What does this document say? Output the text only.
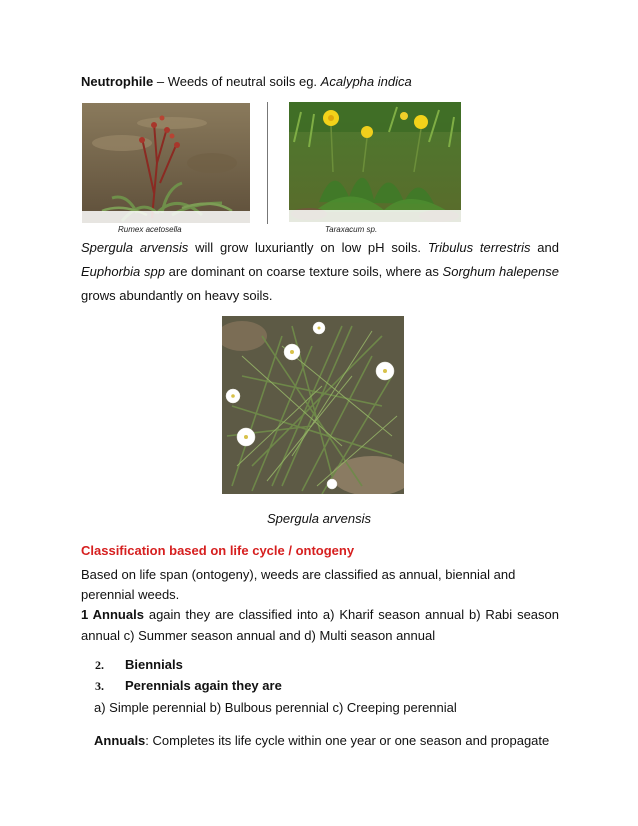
Neutrophile – Weeds of neutral soils eg. Acalypha indica
Rumex acetosella	Taraxacum sp.
Spergula arvensis will grow luxuriantly on low pH soils. Tribulus terrestris and
Euphorbia spp are dominant on coarse texture soils, where as Sorghum halepense
grows abundantly on heavy soils.
Spergula arvensis
Classification based on life cycle / ontogeny
Based on life span (ontogeny), weeds are classified as annual, biennial and
perennial weeds.
1 Annuals again they are classified into a) Kharif season annual b) Rabi season
annual c) Summer season annual and d) Multi season annual
2. Biennials
3. Perennials again they are
a) Simple perennial b) Bulbous perennial c) Creeping perennial
Annuals: Completes its life cycle within one year or one season and propagate
